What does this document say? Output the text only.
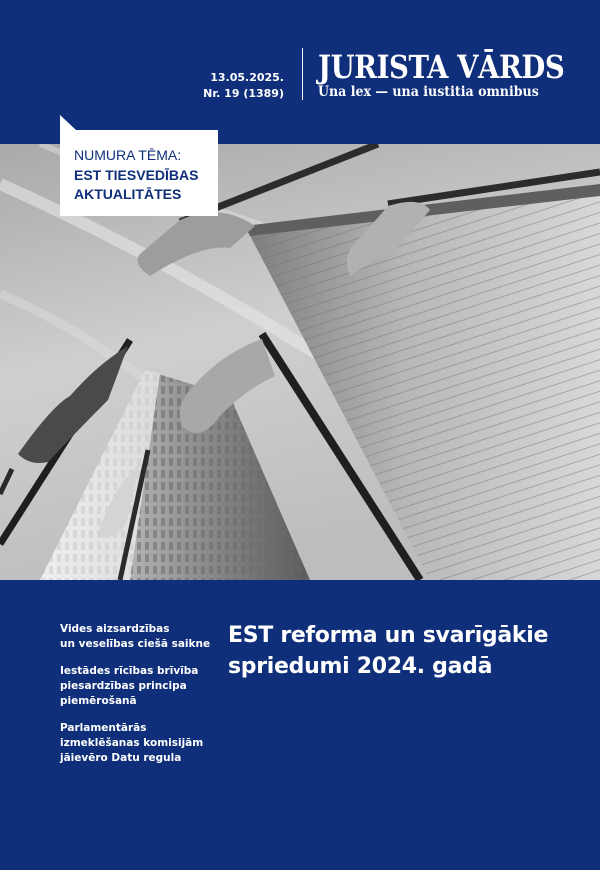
13.05.2025.
Nr. 19 (1389)
JURISTA VĀRDS
Una lex — una iustitia omnibus
NUMURA TĒMA:
EST TIESVEDĪBAS
AKTUALITĀTES
Vides aizsardzības
un veselības ciešā saikne
Iestādes rīcības brīvība
piesardzības principa
piemērošanā
Parlamentārās
izmeklēšanas komisijām
jāievēro Datu regula
EST reforma un svarīgākie
spriedumi 2024. gadā
